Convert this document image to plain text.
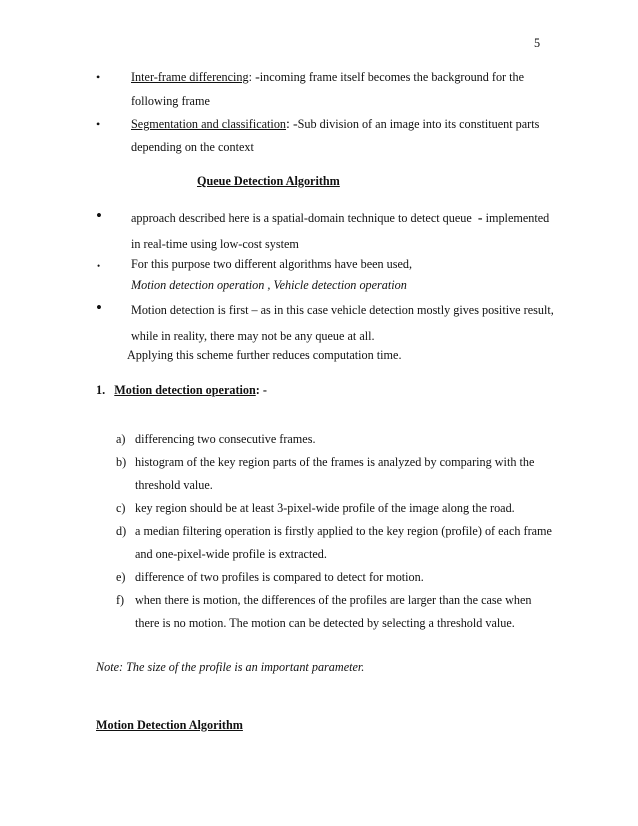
5
•	Inter-frame differencing: -incoming frame itself becomes the background for the
following frame
•	Segmentation and classification: -Sub division of an image into its constituent parts
depending on the context
Queue Detection Algorithm
• approach described here is a spatial-domain technique to detect queue - implemented
in real-time using low-cost system
•	For this purpose two different algorithms have been used,
Motion detection operation , Vehicle detection operation
• Motion detection is first – as in this case vehicle detection mostly gives positive result,
while in reality, there may not be any queue at all.
Applying this scheme further reduces computation time.
1. Motion detection operation: -
a) differencing two consecutive frames.
b) histogram of the key region parts of the frames is analyzed by comparing with the
threshold value.
c) key region should be at least 3-pixel-wide profile of the image along the road.
d) a median filtering operation is firstly applied to the key region (profile) of each frame
and one-pixel-wide profile is extracted.
e) difference of two profiles is compared to detect for motion.
f) when there is motion, the differences of the profiles are larger than the case when
there is no motion. The motion can be detected by selecting a threshold value.
Note: The size of the profile is an important parameter.
Motion Detection Algorithm
